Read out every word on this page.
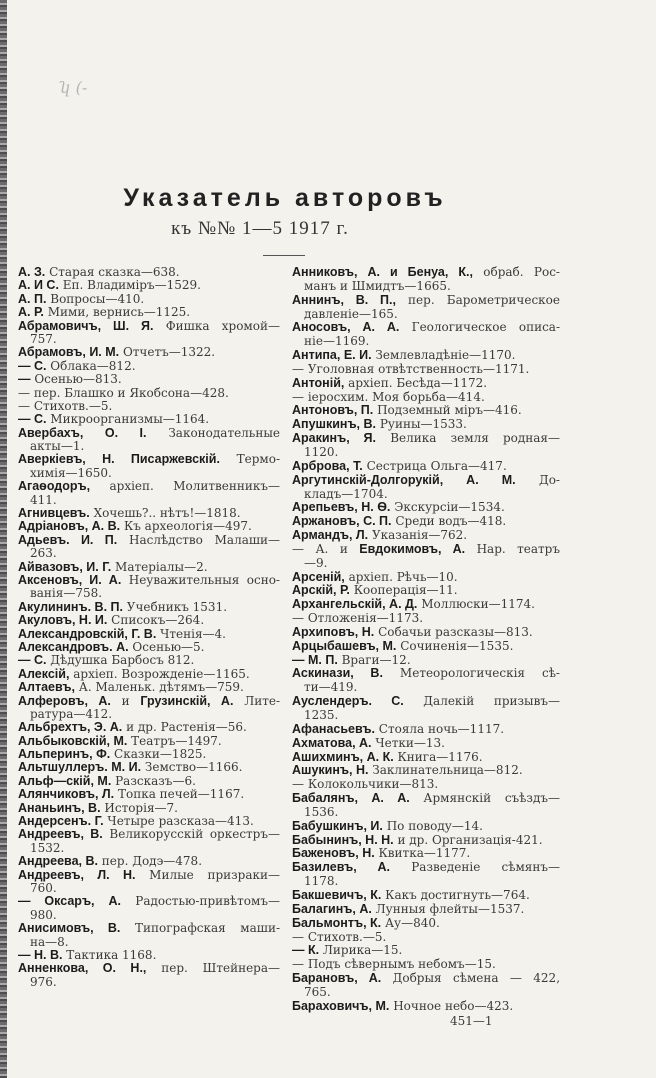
ʮ (-
Указатель авторовъ
къ №№ 1—5 1917 г.
А. З. Старая сказка—638.
А. И С. Еп. Владиміръ—1529.
А. П. Вопросы—410.
А. Р. Мими, вернись—1125.
Абрамовичъ, Ш. Я. Фишка хромой—
757.
Абрамовъ, И. М. Отчетъ—1322.
— С. Облака—812.
— Осенью—813.
— пер. Блашко и Якобсона—428.
— Стихотв.—5.
— С. Микроорганизмы—1164.
Авербахъ, О. І. Законодательные
акты—1.
Аверкіевъ, Н. Писаржевскій. Термо-
химія—1650.
Агаѳодоръ, архіеп. Молитвенникъ—
411.
Агнивцевъ. Хочешь?.. нѣтъ!—1818.
Адріановъ, А. В. Къ археологія—497.
Адьевъ. И. П. Наслѣдство Малаши—
263.
Айвазовъ, И. Г. Матеріалы—2.
Аксеновъ, И. А. Неуважительныя осно-
ванія—758.
Акулининъ. В. П. Учебникъ 1531.
Акуловъ, Н. И. Списокъ—264.
Александровскій, Г. В. Чтенія—4.
Александровъ. А. Осенью—5.
— С. Дѣдушка Барбосъ 812.
Алексій, архіеп. Возрожденіе—1165.
Алтаевъ, А. Маленьк. дѣтямъ—759.
Алферовъ, А. и Грузинскій, А. Лите-
ратура—412.
Альбрехтъ, Э. А. и др. Растенія—56.
Альбыковскій, М. Театръ—1497.
Альперинъ, Ф. Сказки—1825.
Альтшуллеръ. М. И. Земство—1166.
Альф—скій, М. Разсказъ—6.
Алянчиковъ, Л. Топка печей—1167.
Ананьинъ, В. Исторія—7.
Андерсенъ. Г. Четыре разсказа—413.
Андреевъ, В. Великорусскій оркестръ—
1532.
Андреева, В. пер. Додэ—478.
Андреевъ, Л. Н. Милые призраки—
760.
— Оксаръ, А. Радостью-привѣтомъ—
980.
Анисимовъ, В. Типографская маши-
на—8.
— Н. В. Тактика 1168.
Анненкова, О. Н., пер. Штейнера—
976.
Анниковъ, А. и Бенуа, К., обраб. Рос-
манъ и Шмидтъ—1665.
Аннинъ, В. П., пер. Барометрическое
давленіе—165.
Аносовъ, А. А. Геологическое описа-
ніе—1169.
Антипа, Е. И. Землевладѣніе—1170.
— Уголовная отвѣтственность—1171.
Антоній, архіеп. Бесѣда—1172.
— іеросхим. Моя борьба—414.
Антоновъ, П. Подземный міръ—416.
Апушкинъ, В. Руины—1533.
Аракинъ, Я. Велика земля родная—
1120.
Арброва, Т. Сестрица Ольга—417.
Аргутинскій-Долгорукій, А. М. До-
кладъ—1704.
Арепьевъ, Н. Ѳ. Экскурсіи—1534.
Аржановъ, С. П. Среди водъ—418.
Армандъ, Л. Указанія—762.
— А. и Евдокимовъ, А. Нар. театръ
—9.
Арсеній, архіеп. Рѣчь—10.
Арскій, Р. Кооперація—11.
Архангельскій, А. Д. Моллюски—1174.
— Отложенія—1173.
Архиповъ, Н. Собачьи разсказы—813.
Арцыбашевъ, М. Сочиненія—1535.
— М. П. Враги—12.
Аскинази, В. Метеорологическія сѣ-
ти—419.
Ауслендеръ. С. Далекій призывъ—
1235.
Афанасьевъ. Стояла ночь—1117.
Ахматова, А. Четки—13.
Ашихминъ, А. К. Книга—1176.
Ашукинъ, Н. Заклинательница—812.
— Колокольчики—813.
Бабалянъ, А. А. Армянскій съѣздъ—
1536.
Бабушкинъ, И. По поводу—14.
Бабынинъ, Н. Н. и др. Организація-421.
Баженовъ, Н. Квитка—1177.
Базилевъ, А. Разведеніе сѣмянъ—
1178.
Бакшевичъ, К. Какъ достигнуть—764.
Балагинъ, А. Лунныя флейты—1537.
Бальмонтъ, К. Ау—840.
— Стихотв.—5.
— К. Лирика—15.
— Подъ сѣвернымъ небомъ—15.
Барановъ, А. Добрыя сѣмена — 422,
765.
Бараховичъ, М. Ночное небо—423.
451—1
